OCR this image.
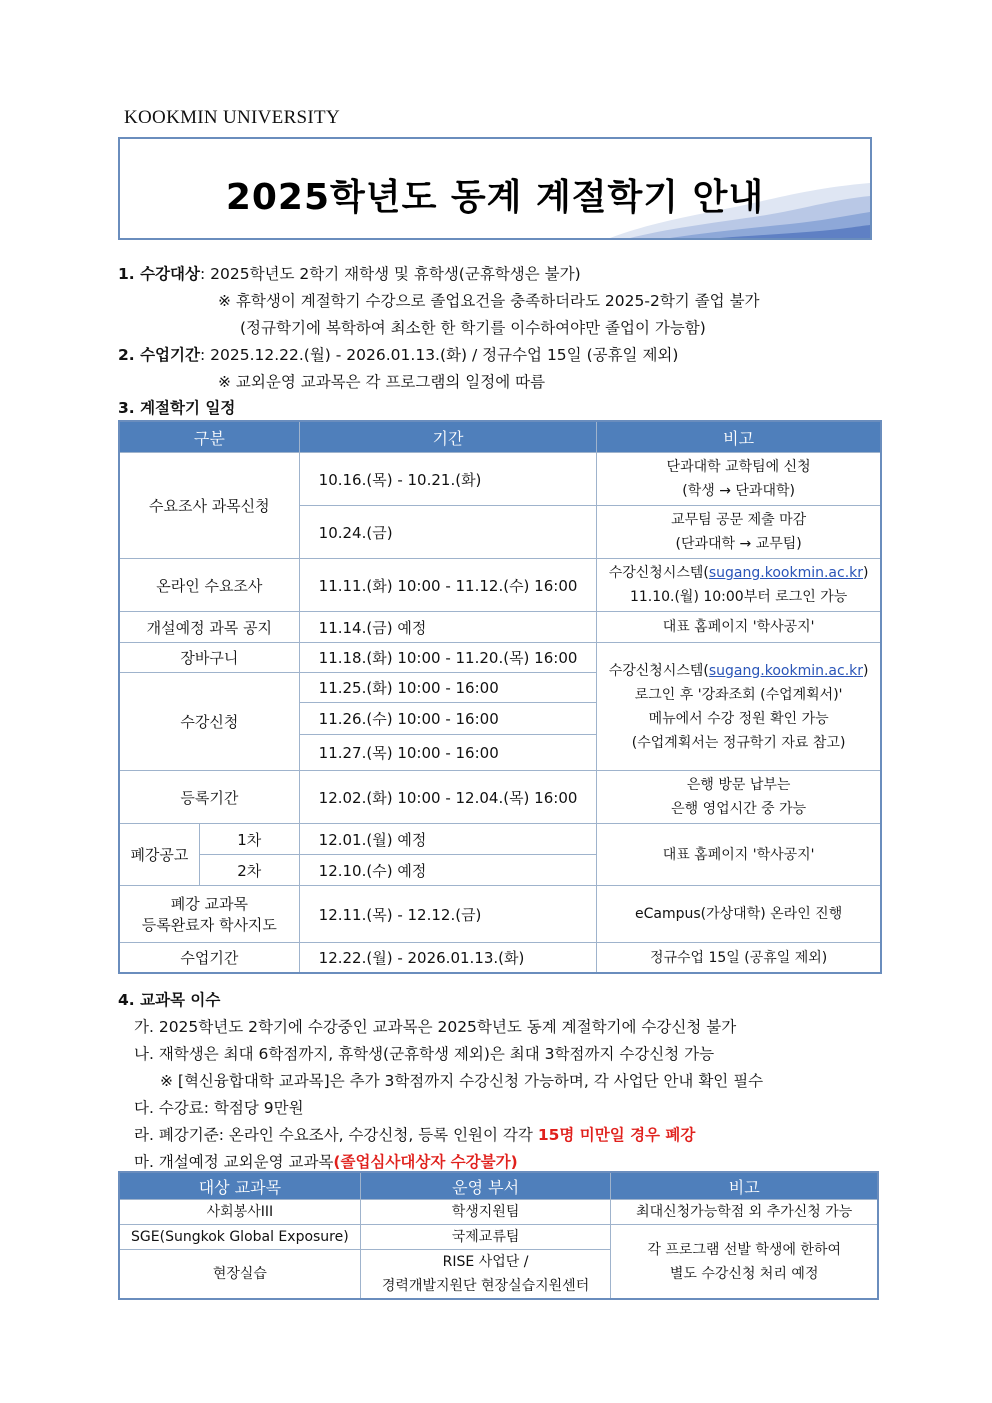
KOOKMIN UNIVERSITY
2025학년도 동계 계절학기 안내
1. 수강대상: 2025학년도 2학기 재학생 및 휴학생(군휴학생은 불가)
※ 휴학생이 계절학기 수강으로 졸업요건을 충족하더라도 2025-2학기 졸업 불가
(정규학기에 복학하여 최소한 한 학기를 이수하여야만 졸업이 가능함)
2. 수업기간: 2025.12.22.(월) - 2026.01.13.(화) / 정규수업 15일 (공휴일 제외)
※ 교외운영 교과목은 각 프로그램의 일정에 따름
3. 계절학기 일정
구분		기간	비고
수요조사 과목신청		10.16.(목) - 10.21.(화)	단과대학 교학팀에 신청
(학생 → 단과대학)

		10.24.(금)	교무팀 공문 제출 마감
(단과대학 → 교무팀)

온라인 수요조사		11.11.(화) 10:00 - 11.12.(수) 16:00	수강신청시스템(sugang.kookmin.ac.kr)
11.10.(월) 10:00부터 로그인 가능

개설예정 과목 공지		11.14.(금) 예정	대표 홈페이지 '학사공지'
장바구니		11.18.(화) 10:00 - 11.20.(목) 16:00	수강신청시스템(sugang.kookmin.ac.kr)
로그인 후 '강좌조회 (수업계획서)'
메뉴에서 수강 정원 확인 가능
(수업계획서는 정규학기 자료 참고)

수강신청		11.25.(화) 10:00 - 16:00	
		11.26.(수) 10:00 - 16:00	
		11.27.(목) 10:00 - 16:00	
등록기간		12.02.(화) 10:00 - 12.04.(목) 16:00	은행 방문 납부는
은행 영업시간 중 가능

폐강공고	1차	12.01.(월) 예정	대표 홈페이지 '학사공지'
	2차	12.10.(수) 예정	

폐강 교과목
등록완료자 학사지도		12.11.(목) - 12.12.(금)	eCampus(가상대학) 온라인 진행
수업기간		12.22.(월) - 2026.01.13.(화)	정규수업 15일 (공휴일 제외)
4. 교과목 이수
가. 2025학년도 2학기에 수강중인 교과목은 2025학년도 동계 계절학기에 수강신청 불가
나. 재학생은 최대 6학점까지, 휴학생(군휴학생 제외)은 최대 3학점까지 수강신청 가능
※ [혁신융합대학 교과목]은 추가 3학점까지 수강신청 가능하며, 각 사업단 안내 확인 필수
다. 수강료: 학점당 9만원
라. 폐강기준: 온라인 수요조사, 수강신청, 등록 인원이 각각 15명 미만일 경우 폐강
마. 개설예정 교외운영 교과목(졸업심사대상자 수강불가)
대상 교과목	운영 부서	비고
사회봉사III	학생지원팀	최대신청가능학점 외 추가신청 가능
SGE(Sungkok Global Exposure)	국제교류팀	각 프로그램 선발 학생에 한하여
별도 수강신청 처리 예정

현장실습	RISE 사업단 /
경력개발지원단 현장실습지원센터	
